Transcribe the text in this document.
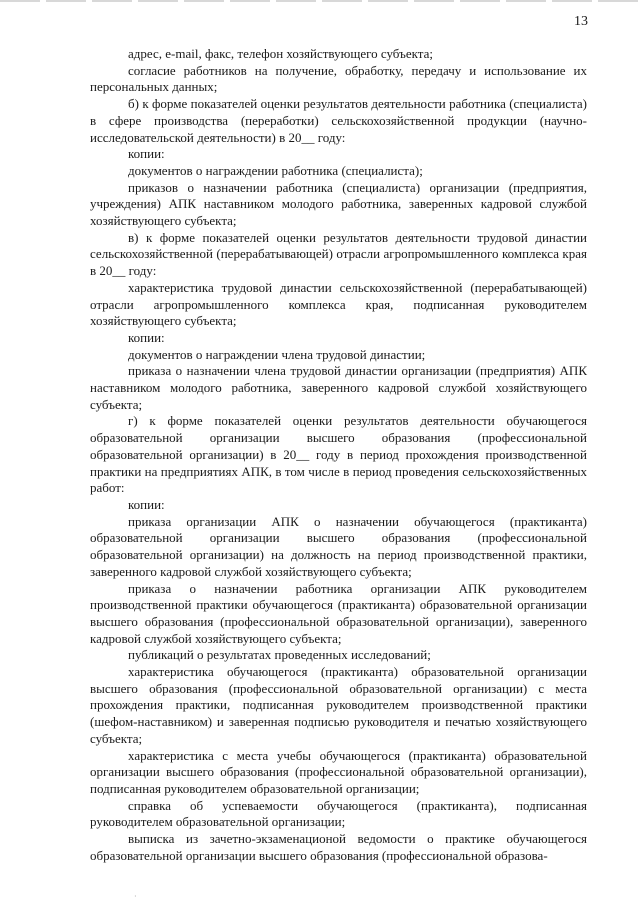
13

адрес, e-mail, факс, телефон хозяйствующего субъекта;

согласие работников на получение, обработку, передачу и использование их персональных данных;

б) к форме показателей оценки результатов деятельности работника (специалиста) в сфере производства (переработки) сельскохозяйственной продукции (научно-исследовательской деятельности) в 20__ году:

копии:

документов о награждении работника (специалиста);

приказов о назначении работника (специалиста) организации (предприятия, учреждения) АПК наставником молодого работника, заверенных кадровой службой хозяйствующего субъекта;

в) к форме показателей оценки результатов деятельности трудовой династии сельскохозяйственной (перерабатывающей) отрасли агропромышленного комплекса края в 20__ году:

характеристика трудовой династии сельскохозяйственной (перерабатывающей) отрасли агропромышленного комплекса края, подписанная руководителем хозяйствующего субъекта;

копии:

документов о награждении члена трудовой династии;

приказа о назначении члена трудовой династии организации (предприятия) АПК наставником молодого работника, заверенного кадровой службой хозяйствующего субъекта;

г) к форме показателей оценки результатов деятельности обучающегося образовательной организации высшего образования (профессиональной образовательной организации) в 20__ году в период прохождения производственной практики на предприятиях АПК, в том числе в период проведения сельскохозяйственных работ:

копии:

приказа организации АПК о назначении обучающегося (практиканта) образовательной организации высшего образования (профессиональной образовательной организации) на должность на период производственной практики, заверенного кадровой службой хозяйствующего субъекта;

приказа о назначении работника организации АПК руководителем производственной практики обучающегося (практиканта) образовательной организации высшего образования (профессиональной образовательной организации), заверенного кадровой службой хозяйствующего субъекта;

публикаций о результатах проведенных исследований;

характеристика обучающегося (практиканта) образовательной организации высшего образования (профессиональной образовательной организации) с места прохождения практики, подписанная руководителем производственной практики (шефом-наставником) и заверенная подписью руководителя и печатью хозяйствующего субъекта;

характеристика с места учебы обучающегося (практиканта) образовательной организации высшего образования (профессиональной образовательной организации), подписанная руководителем образовательной организации;

справка об успеваемости обучающегося (практиканта), подписанная руководителем образовательной организации;

выписка из зачетно-экзаменационой ведомости о практике обучающегося образовательной организации высшего образования (профессиональной образова-

·
